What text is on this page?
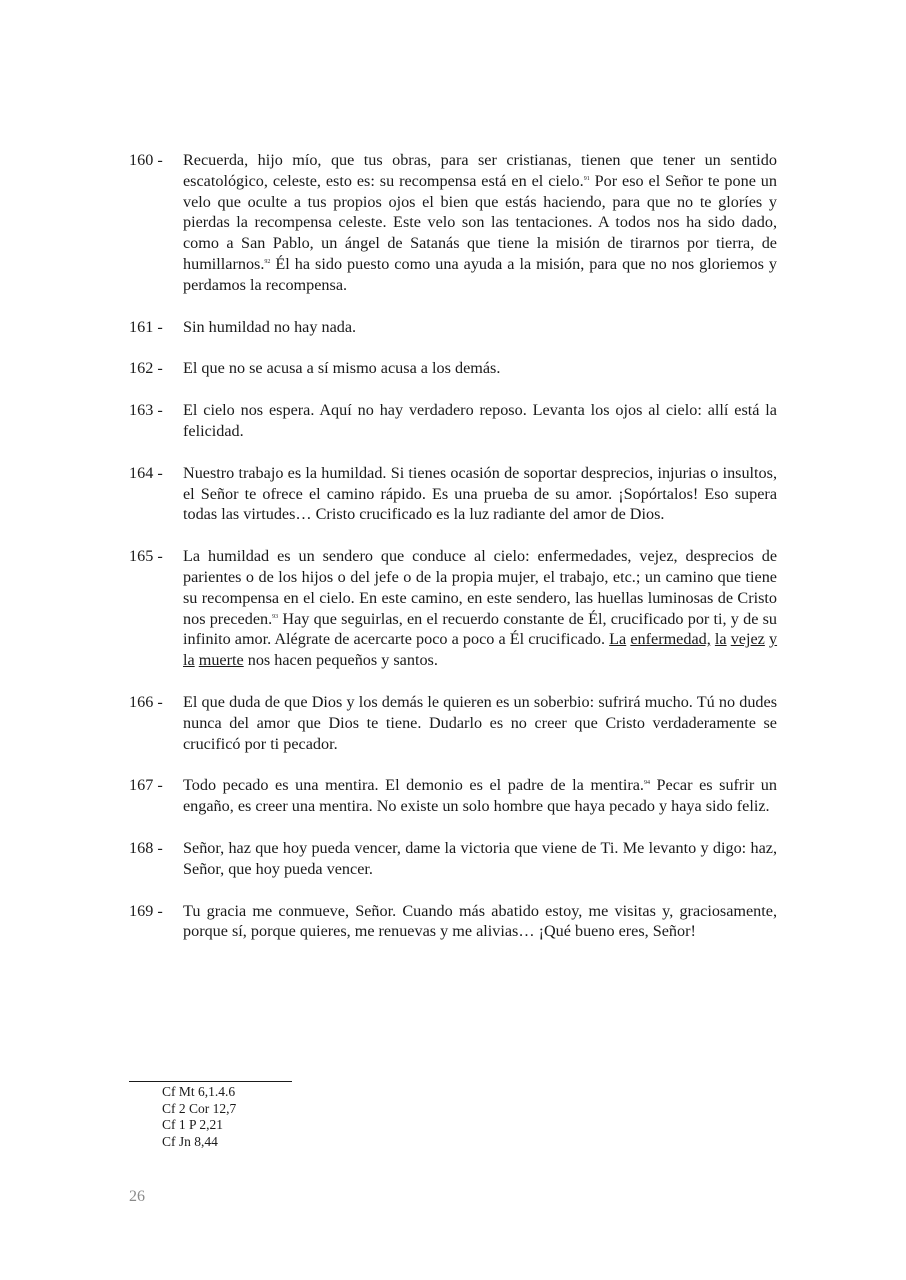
160 -	Recuerda, hijo mío, que tus obras, para ser cristianas, tienen que tener un sentido escatológico, celeste, esto es: su recompensa está en el cielo.$^{91}$ Por eso el Señor te pone un velo que oculte a tus propios ojos el bien que estás haciendo, para que no te gloríes y pierdas la recompensa celeste. Este velo son las tentaciones. A todos nos ha sido dado, como a San Pablo, un ángel de Satanás que tiene la misión de tirarnos por tierra, de humillarnos.$^{92}$ Él ha sido puesto como una ayuda a la misión, para que no nos gloriemos y perdamos la recompensa.
161 -	Sin humildad no hay nada.
162 -	El que no se acusa a sí mismo acusa a los demás.
163 -	El cielo nos espera. Aquí no hay verdadero reposo. Levanta los ojos al cielo: allí está la felicidad.
164 -	Nuestro trabajo es la humildad. Si tienes ocasión de soportar desprecios, injurias o insultos, el Señor te ofrece el camino rápido. Es una prueba de su amor. ¡Sopórtalos! Eso supera todas las virtudes… Cristo crucificado es la luz radiante del amor de Dios.
165 -	La humildad es un sendero que conduce al cielo: enfermedades, vejez, desprecios de parientes o de los hijos o del jefe o de la propia mujer, el trabajo, etc.; un camino que tiene su recompensa en el cielo. En este camino, en este sendero, las huellas luminosas de Cristo nos preceden.$^{93}$ Hay que seguirlas, en el recuerdo constante de Él, crucificado por ti, y de su infinito amor. Alégrate de acercarte poco a poco a Él crucificado. La enfermedad, la vejez y la muerte nos hacen pequeños y santos.
166 -	El que duda de que Dios y los demás le quieren es un soberbio: sufrirá mucho. Tú no dudes nunca del amor que Dios te tiene. Dudarlo es no creer que Cristo verdaderamente se crucificó por ti pecador.
167 -	Todo pecado es una mentira. El demonio es el padre de la mentira.$^{94}$ Pecar es sufrir un engaño, es creer una mentira. No existe un solo hombre que haya pecado y haya sido feliz.
168 -	Señor, haz que hoy pueda vencer, dame la victoria que viene de Ti. Me levanto y digo: haz, Señor, que hoy pueda vencer.
169 -	Tu gracia me conmueve, Señor. Cuando más abatido estoy, me visitas y, graciosamente, porque sí, porque quieres, me renuevas y me alivias… ¡Qué bueno eres, Señor!
Cf Mt 6,1.4.6
Cf 2 Cor 12,7
Cf 1 P 2,21
Cf Jn 8,44
26
